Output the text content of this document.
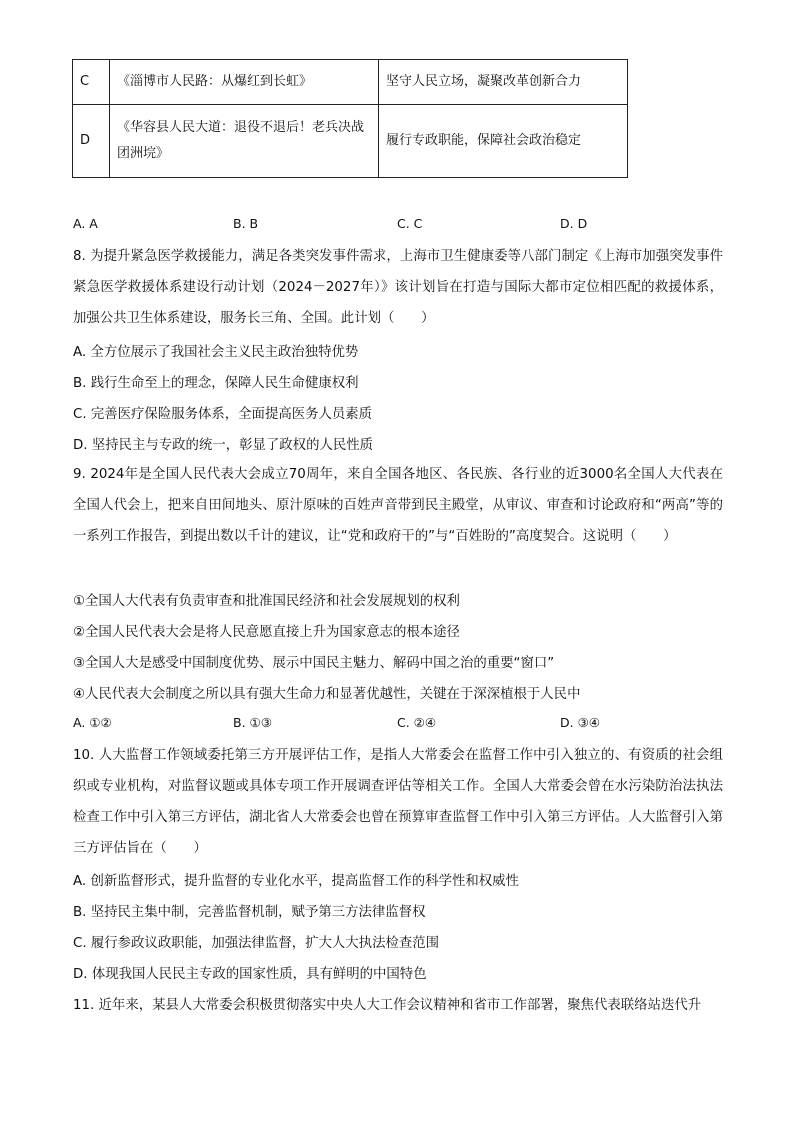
C	《淄博市人民路：从爆红到长虹》	坚守人民立场，凝聚改革创新合力
D	《华容县人民大道：退役不退后！老兵决战团洲垸》	履行专政职能，保障社会政治稳定
A. A	B. B	C. C	D. D
8. 为提升紧急医学救援能力，满足各类突发事件需求，上海市卫生健康委等八部门制定《上海市加强突发事件紧急医学救援体系建设行动计划（2024－2027年）》该计划旨在打造与国际大都市定位相匹配的救援体系，加强公共卫生体系建设，服务长三角、全国。此计划（　　）
A. 全方位展示了我国社会主义民主政治独特优势
B. 践行生命至上的理念，保障人民生命健康权利
C. 完善医疗保险服务体系，全面提高医务人员素质
D. 坚持民主与专政的统一，彰显了政权的人民性质
9. 2024年是全国人民代表大会成立70周年，来自全国各地区、各民族、各行业的近3000名全国人大代表在全国人代会上，把来自田间地头、原汁原味的百姓声音带到民主殿堂，从审议、审查和讨论政府和“两高”等的一系列工作报告，到提出数以千计的建议，让“党和政府干的”与“百姓盼的”高度契合。这说明（　　）
①全国人大代表有负责审查和批准国民经济和社会发展规划的权利
②全国人民代表大会是将人民意愿直接上升为国家意志的根本途径
③全国人大是感受中国制度优势、展示中国民主魅力、解码中国之治的重要“窗口”
④人民代表大会制度之所以具有强大生命力和显著优越性，关键在于深深植根于人民中
A. ①②	B. ①③	C. ②④	D. ③④
10. 人大监督工作领域委托第三方开展评估工作，是指人大常委会在监督工作中引入独立的、有资质的社会组织或专业机构，对监督议题或具体专项工作开展调查评估等相关工作。全国人大常委会曾在水污染防治法执法检查工作中引入第三方评估，湖北省人大常委会也曾在预算审查监督工作中引入第三方评估。人大监督引入第三方评估旨在（　　）
A. 创新监督形式，提升监督的专业化水平，提高监督工作的科学性和权威性
B. 坚持民主集中制，完善监督机制，赋予第三方法律监督权
C. 履行参政议政职能，加强法律监督，扩大人大执法检查范围
D. 体现我国人民民主专政的国家性质，具有鲜明的中国特色
11. 近年来，某县人大常委会积极贯彻落实中央人大工作会议精神和省市工作部署，聚焦代表联络站迭代升
